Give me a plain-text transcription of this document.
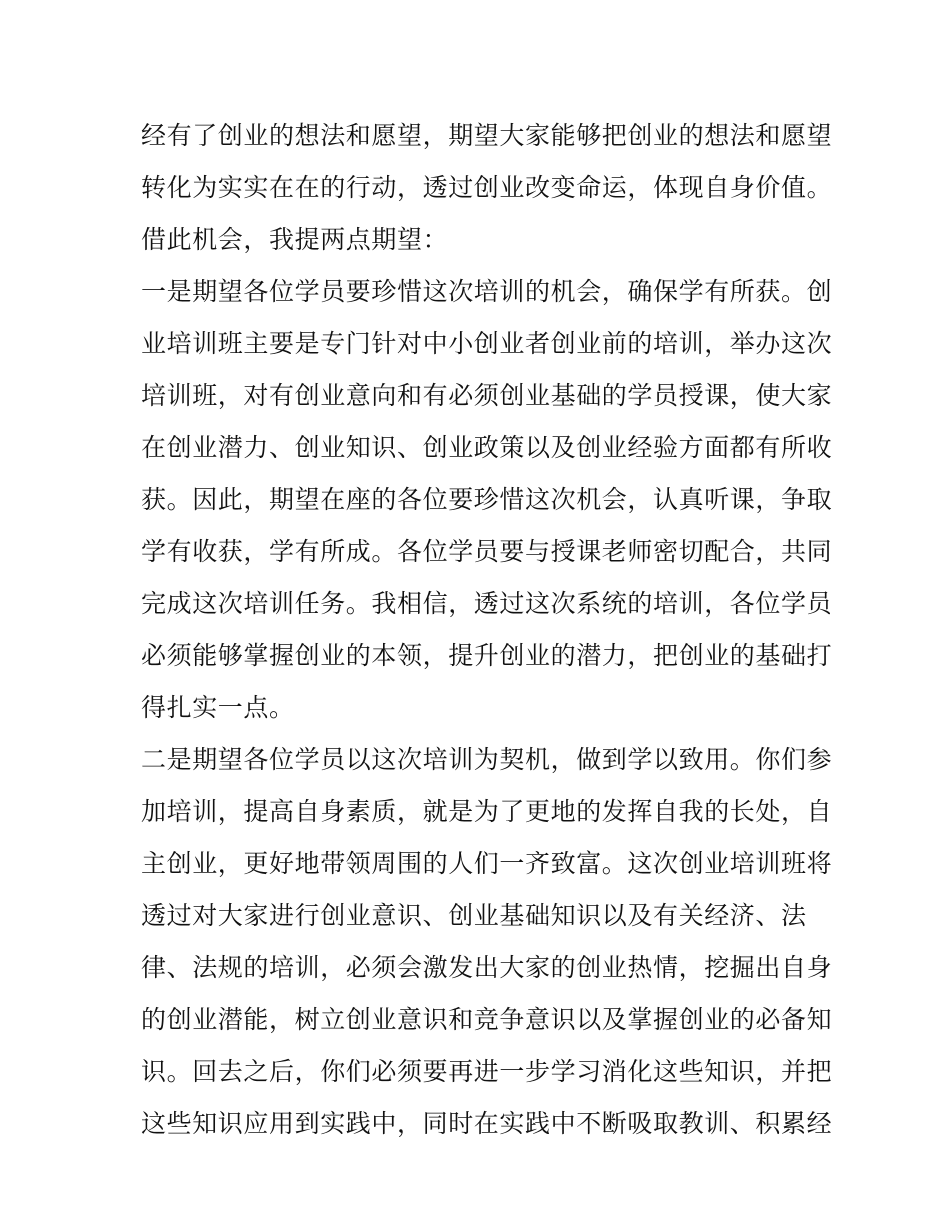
经有了创业的想法和愿望，期望大家能够把创业的想法和愿望
转化为实实在在的行动，透过创业改变命运，体现自身价值。
借此机会，我提两点期望：
一是期望各位学员要珍惜这次培训的机会，确保学有所获。创
业培训班主要是专门针对中小创业者创业前的培训，举办这次
培训班，对有创业意向和有必须创业基础的学员授课，使大家
在创业潜力、创业知识、创业政策以及创业经验方面都有所收
获。因此，期望在座的各位要珍惜这次机会，认真听课，争取
学有收获，学有所成。各位学员要与授课老师密切配合，共同
完成这次培训任务。我相信，透过这次系统的培训，各位学员
必须能够掌握创业的本领，提升创业的潜力，把创业的基础打
得扎实一点。
二是期望各位学员以这次培训为契机，做到学以致用。你们参
加培训，提高自身素质，就是为了更地的发挥自我的长处，自
主创业，更好地带领周围的人们一齐致富。这次创业培训班将
透过对大家进行创业意识、创业基础知识以及有关经济、法
律、法规的培训，必须会激发出大家的创业热情，挖掘出自身
的创业潜能，树立创业意识和竞争意识以及掌握创业的必备知
识。回去之后，你们必须要再进一步学习消化这些知识，并把
这些知识应用到实践中，同时在实践中不断吸取教训、积累经
